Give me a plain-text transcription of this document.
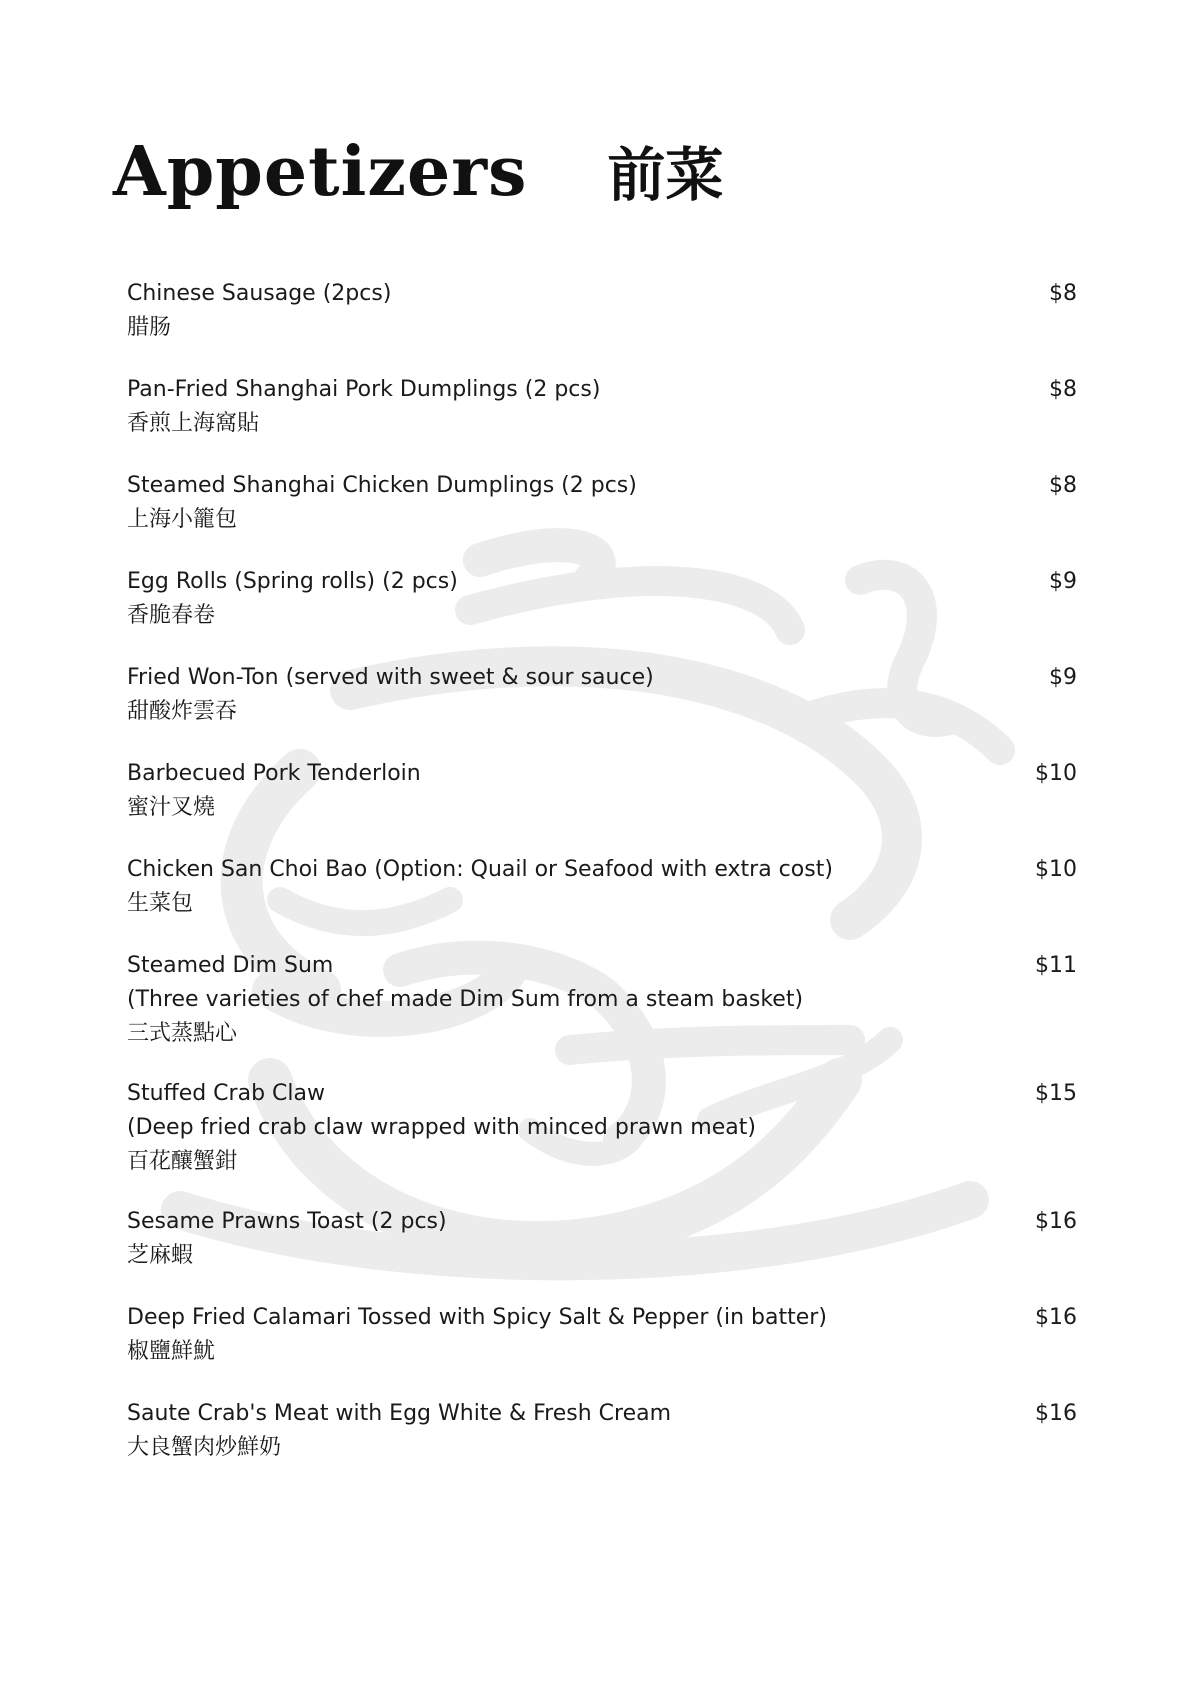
Appetizers 前菜
Chinese Sausage (2pcs)
腊肠
$8
Pan-Fried Shanghai Pork Dumplings (2 pcs)
香煎上海窩貼
$8
Steamed Shanghai Chicken Dumplings (2 pcs)
上海小籠包
$8
Egg Rolls (Spring rolls) (2 pcs)
香脆春卷
$9
Fried Won-Ton (served with sweet & sour sauce)
甜酸炸雲吞
$9
Barbecued Pork Tenderloin
蜜汁叉燒
$10
Chicken San Choi Bao (Option: Quail or Seafood with extra cost)
生菜包
$10
Steamed Dim Sum
(Three varieties of chef made Dim Sum from a steam basket)
三式蒸點心
$11
Stuffed Crab Claw
(Deep fried crab claw wrapped with minced prawn meat)
百花釀蟹鉗
$15
Sesame Prawns Toast (2 pcs)
芝麻蝦
$16
Deep Fried Calamari Tossed with Spicy Salt & Pepper (in batter)
椒鹽鮮魷
$16
Saute Crab's Meat with Egg White & Fresh Cream
大良蟹肉炒鮮奶
$16
